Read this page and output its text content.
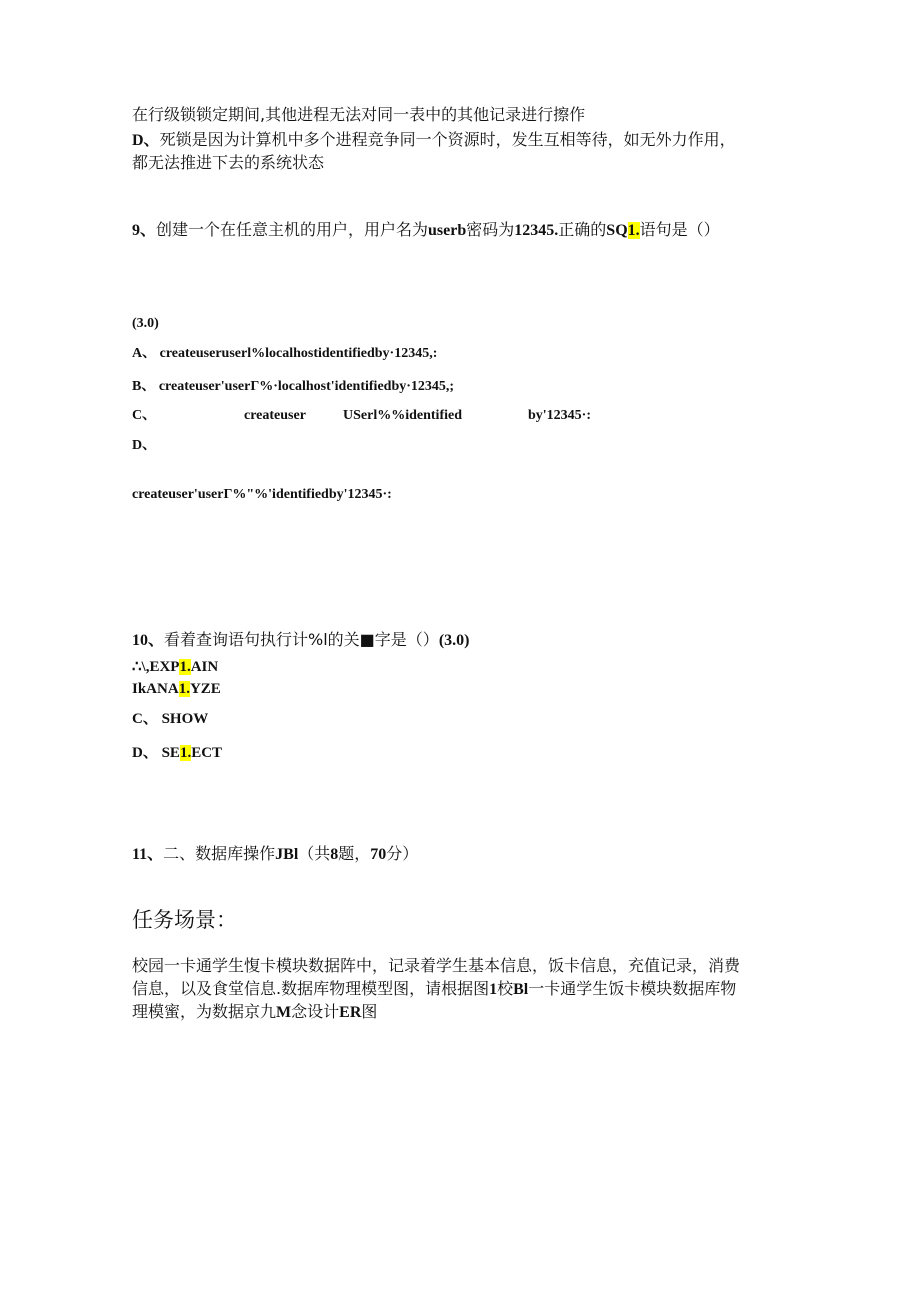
在行级锁锁定期间,其他进程无法对同一表中的其他记录进行擦作
D、死锁是因为计算机中多个进程竞争同一个资源时，发生互相等待，如无外力作用，
都无法推进下去的系统状态
9、创建一个在任意主机的用户，用户名为userb密码为12345.正确的SQ1.语句是（）
(3.0)
A、 createuseruserl%localhostidentifiedby·12345,:
B、 createuser'userΓ%·localhost'identifiedby·12345,;
C、	createuser	USerl%%identified	by'12345·:
D、
createuser'userΓ%"%'identifiedby'12345·:
10、看着查询语句执行计%l的关■字是（）(3.0)
∴\,EXP1.AIN
IkANA1.YZE
C、 SHOW
D、 SE1.ECT
11、二、数据库操作JBl（共8题，70分）
任务场景：
校园一卡通学生愎卡模块数据阵中，记录着学生基本信息，饭卡信息，充值记录，消费
信息，以及食堂信息.数据库物理模型图，请根据图1校Bl一卡通学生饭卡模块数据库物
理模蜜，为数据京九M念设计ER图
